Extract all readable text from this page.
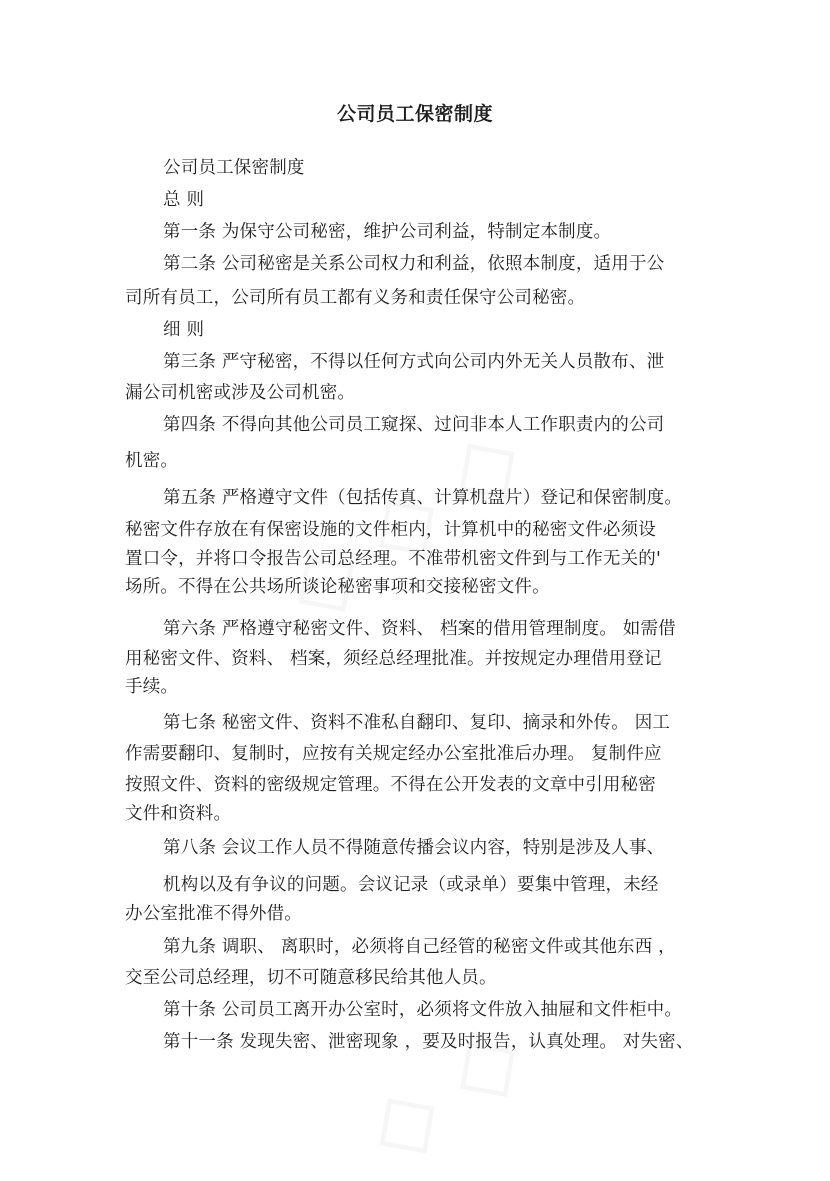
公司员工保密制度
公司员工保密制度
总 则
第一条 为保守公司秘密，维护公司利益，特制定本制度。
第二条 公司秘密是关系公司权力和利益，依照本制度，适用于公
司所有员工，公司所有员工都有义务和责任保守公司秘密。
细 则
第三条 严守秘密，不得以任何方式向公司内外无关人员散布、泄
漏公司机密或涉及公司机密。
第四条 不得向其他公司员工窥探、过问非本人工作职责内的公司
机密。
第五条 严格遵守文件（包括传真、计算机盘片）登记和保密制度。
秘密文件存放在有保密设施的文件柜内，计算机中的秘密文件必须设
置口令，并将口令报告公司总经理。不准带机密文件到与工作无关的'
场所。不得在公共场所谈论秘密事项和交接秘密文件。
第六条 严格遵守秘密文件、资料、 档案的借用管理制度。 如需借
用秘密文件、资料、 档案，须经总经理批准。并按规定办理借用登记
手续。
第七条 秘密文件、资料不准私自翻印、复印、摘录和外传。 因工
作需要翻印、复制时，应按有关规定经办公室批准后办理。 复制件应
按照文件、资料的密级规定管理。不得在公开发表的文章中引用秘密
文件和资料。
第八条 会议工作人员不得随意传播会议内容，特别是涉及人事、
机构以及有争议的问题。会议记录（或录单）要集中管理，未经
办公室批准不得外借。
第九条 调职、 离职时，必须将自己经管的秘密文件或其他东西 ，
交至公司总经理，切不可随意移民给其他人员。
第十条 公司员工离开办公室时，必须将文件放入抽屉和文件柜中。
第十一条 发现失密、泄密现象 ，要及时报告，认真处理。 对失密、
